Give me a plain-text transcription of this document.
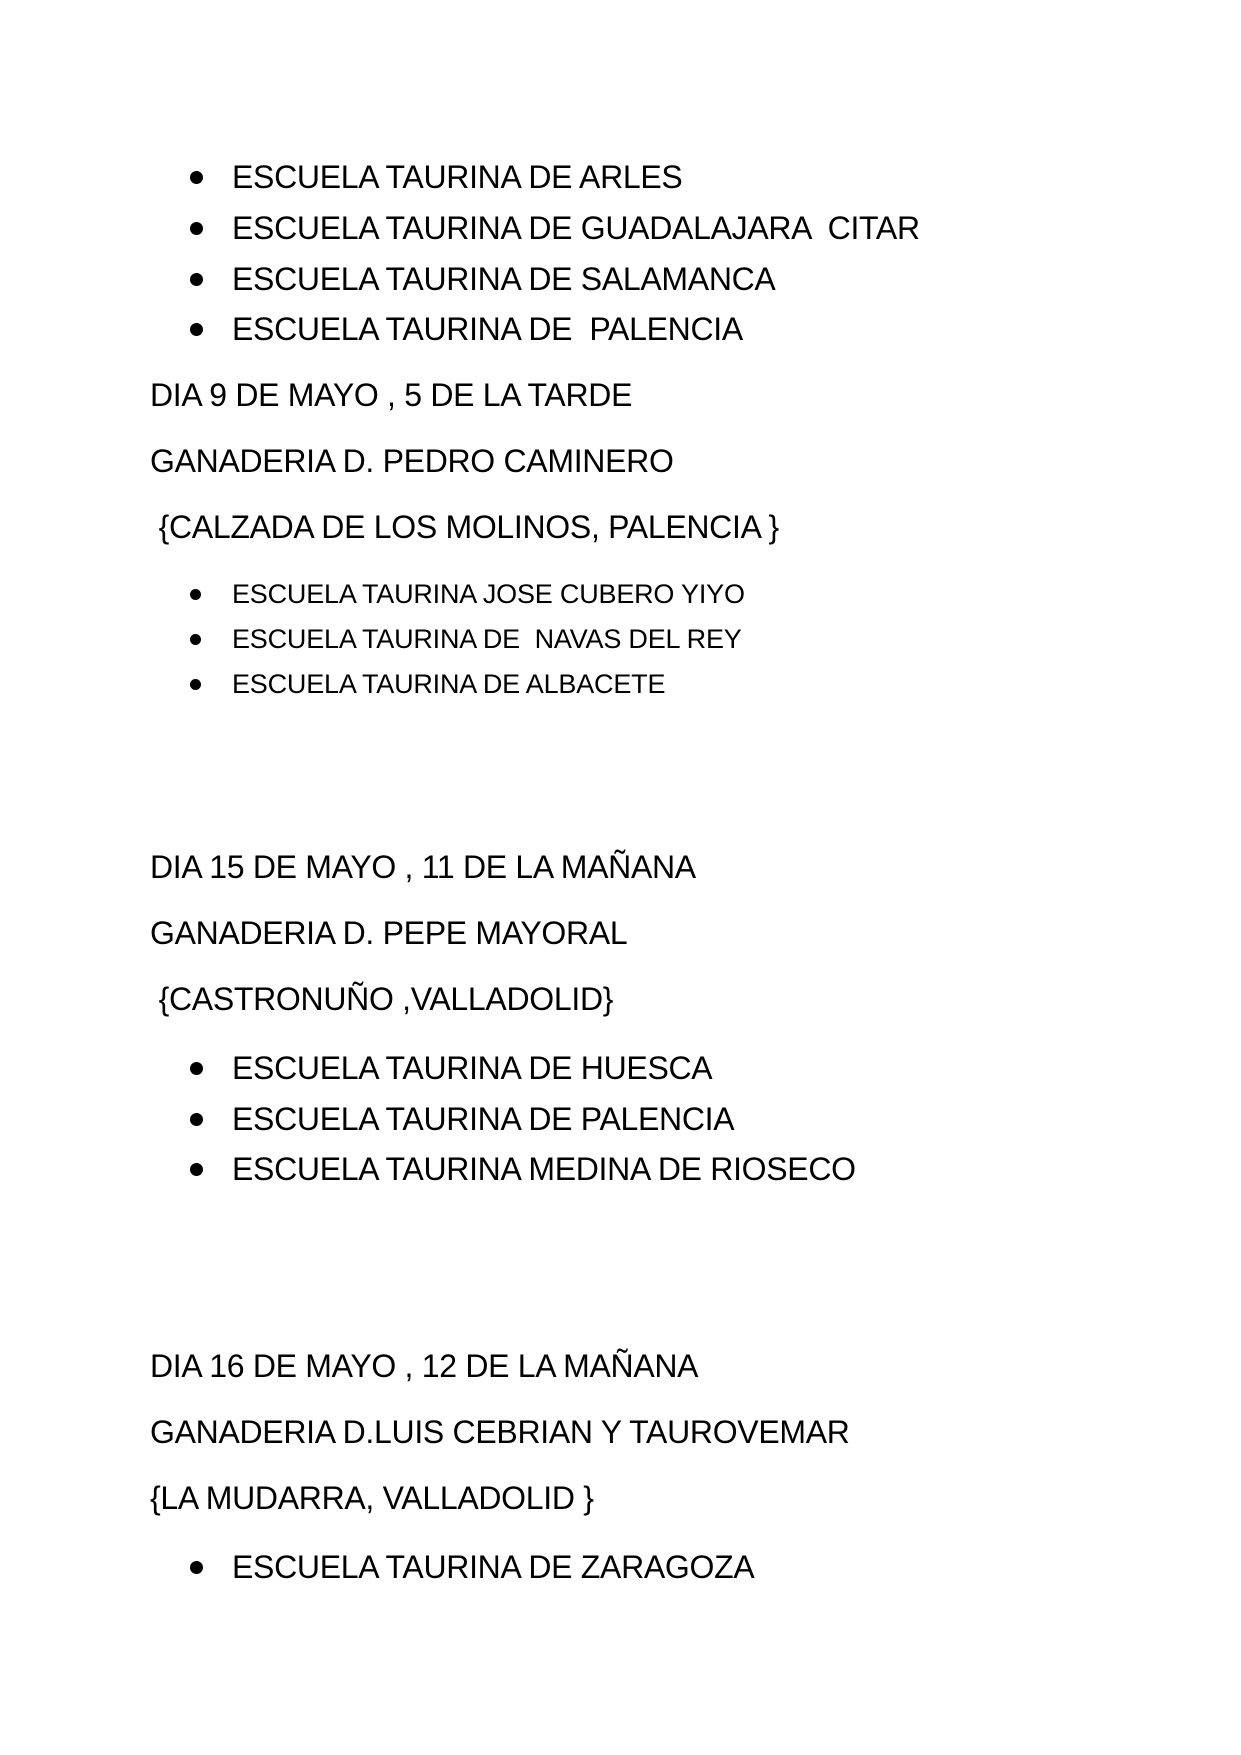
ESCUELA TAURINA DE ARLES
ESCUELA TAURINA DE GUADALAJARA  CITAR
ESCUELA TAURINA DE SALAMANCA
ESCUELA TAURINA DE  PALENCIA
DIA 9 DE MAYO , 5 DE LA TARDE
GANADERIA D. PEDRO CAMINERO
{CALZADA DE LOS MOLINOS, PALENCIA }
ESCUELA TAURINA JOSE CUBERO YIYO
ESCUELA TAURINA DE  NAVAS DEL REY
ESCUELA TAURINA DE ALBACETE
DIA 15 DE MAYO , 11 DE LA MAÑANA
GANADERIA D. PEPE MAYORAL
{CASTRONUÑO ,VALLADOLID}
ESCUELA TAURINA DE HUESCA
ESCUELA TAURINA DE PALENCIA
ESCUELA TAURINA MEDINA DE RIOSECO
DIA 16 DE MAYO , 12 DE LA MAÑANA
GANADERIA D.LUIS CEBRIAN Y TAUROVEMAR
{LA MUDARRA, VALLADOLID }
ESCUELA TAURINA DE ZARAGOZA
